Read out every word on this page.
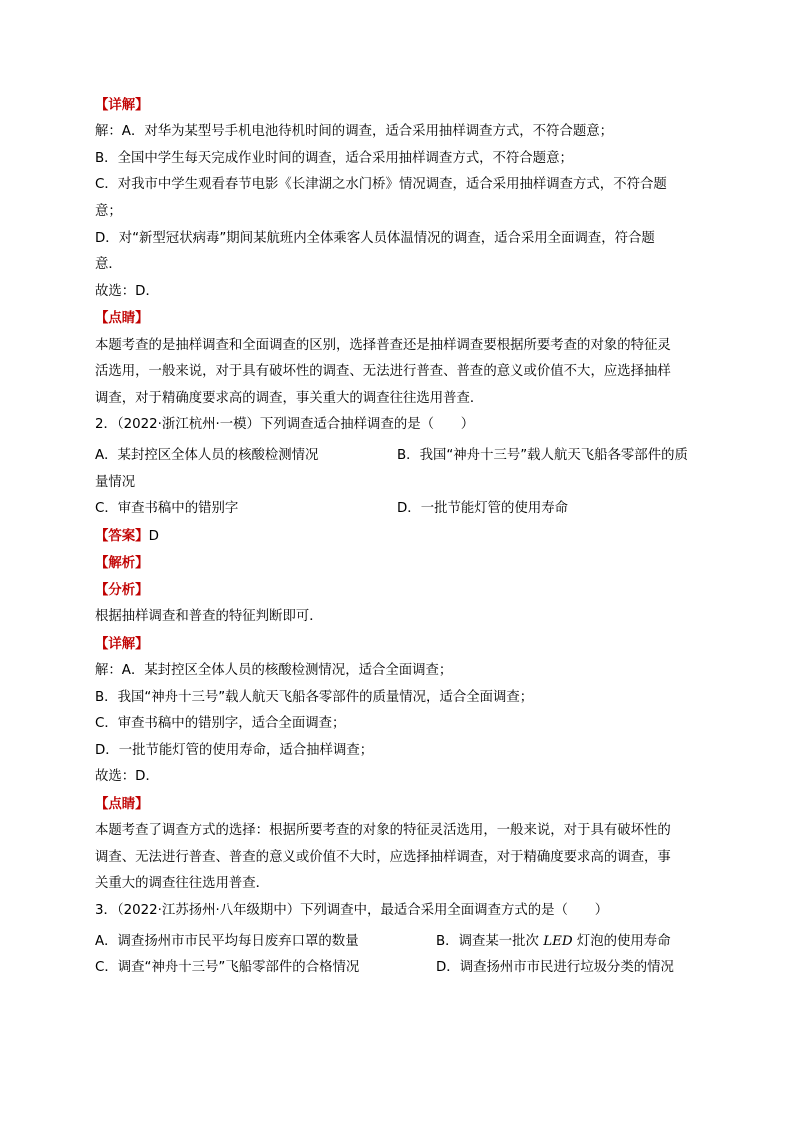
【详解】
解：A．对华为某型号手机电池待机时间的调查，适合采用抽样调查方式，不符合题意；
B．全国中学生每天完成作业时间的调查，适合采用抽样调查方式，不符合题意；
C．对我市中学生观看春节电影《长津湖之水门桥》情况调查，适合采用抽样调查方式，不符合题
意；
D．对“新型冠状病毒”期间某航班内全体乘客人员体温情况的调查，适合采用全面调查，符合题
意．
故选：D．
【点睛】
本题考查的是抽样调查和全面调查的区别，选择普查还是抽样调查要根据所要考查的对象的特征灵
活选用，一般来说，对于具有破坏性的调查、无法进行普查、普查的意义或价值不大，应选择抽样
调查，对于精确度要求高的调查，事关重大的调查往往选用普查．
2．（2022·浙江杭州·一模）下列调查适合抽样调查的是（　　）
A．某封控区全体人员的核酸检测情况	B．我国“神舟十三号”载人航天飞船各零部件的质
量情况
C．审查书稿中的错别字	D．一批节能灯管的使用寿命
【答案】D
【解析】
【分析】
根据抽样调查和普查的特征判断即可．
【详解】
解：A．某封控区全体人员的核酸检测情况，适合全面调查；
B．我国“神舟十三号”载人航天飞船各零部件的质量情况，适合全面调查；
C．审查书稿中的错别字，适合全面调查；
D．一批节能灯管的使用寿命，适合抽样调查；
故选：D．
【点睛】
本题考查了调查方式的选择：根据所要考查的对象的特征灵活选用，一般来说，对于具有破坏性的
调查、无法进行普查、普查的意义或价值不大时，应选择抽样调查，对于精确度要求高的调查，事
关重大的调查往往选用普查．
3．（2022·江苏扬州·八年级期中）下列调查中，最适合采用全面调查方式的是（　　）
A．调查扬州市市民平均每日废弃口罩的数量	B．调查某一批次 LED 灯泡的使用寿命
C．调查“神舟十三号”飞船零部件的合格情况	D．调查扬州市市民进行垃圾分类的情况
